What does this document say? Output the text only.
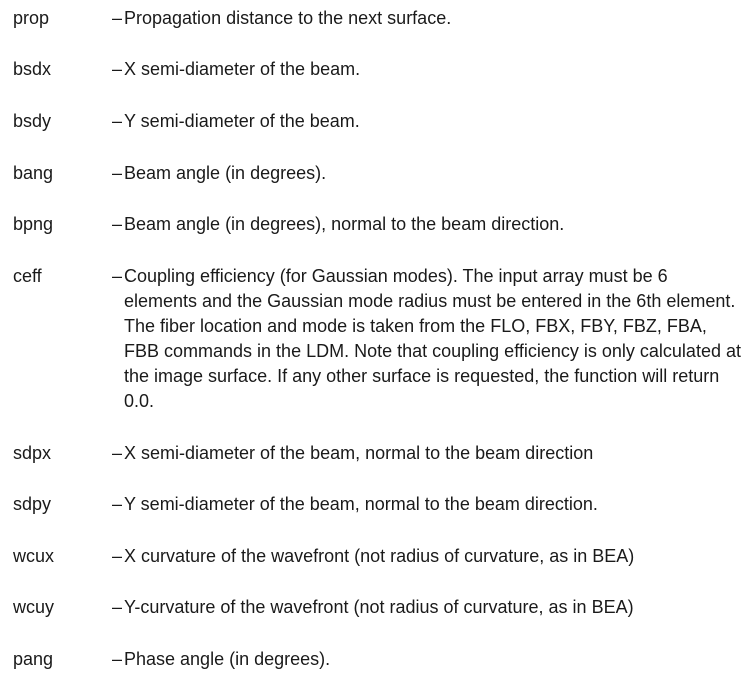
prop	– Propagation distance to the next surface.
bsdx	– X semi-diameter of the beam.
bsdy	– Y semi-diameter of the beam.
bang	– Beam angle (in degrees).
bpng	– Beam angle (in degrees), normal to the beam direction.
ceff	– Coupling efficiency (for Gaussian modes). The input array must be 6 elements and the Gaussian mode radius must be entered in the 6th element. The fiber location and mode is taken from the FLO, FBX, FBY, FBZ, FBA, FBB commands in the LDM. Note that coupling efficiency is only calculated at the image surface. If any other surface is requested, the function will return 0.0.
sdpx	– X semi-diameter of the beam, normal to the beam direction
sdpy	– Y semi-diameter of the beam, normal to the beam direction.
wcux	– X curvature of the wavefront (not radius of curvature, as in BEA)
wcuy	– Y-curvature of the wavefront (not radius of curvature, as in BEA)
pang	– Phase angle (in degrees).
